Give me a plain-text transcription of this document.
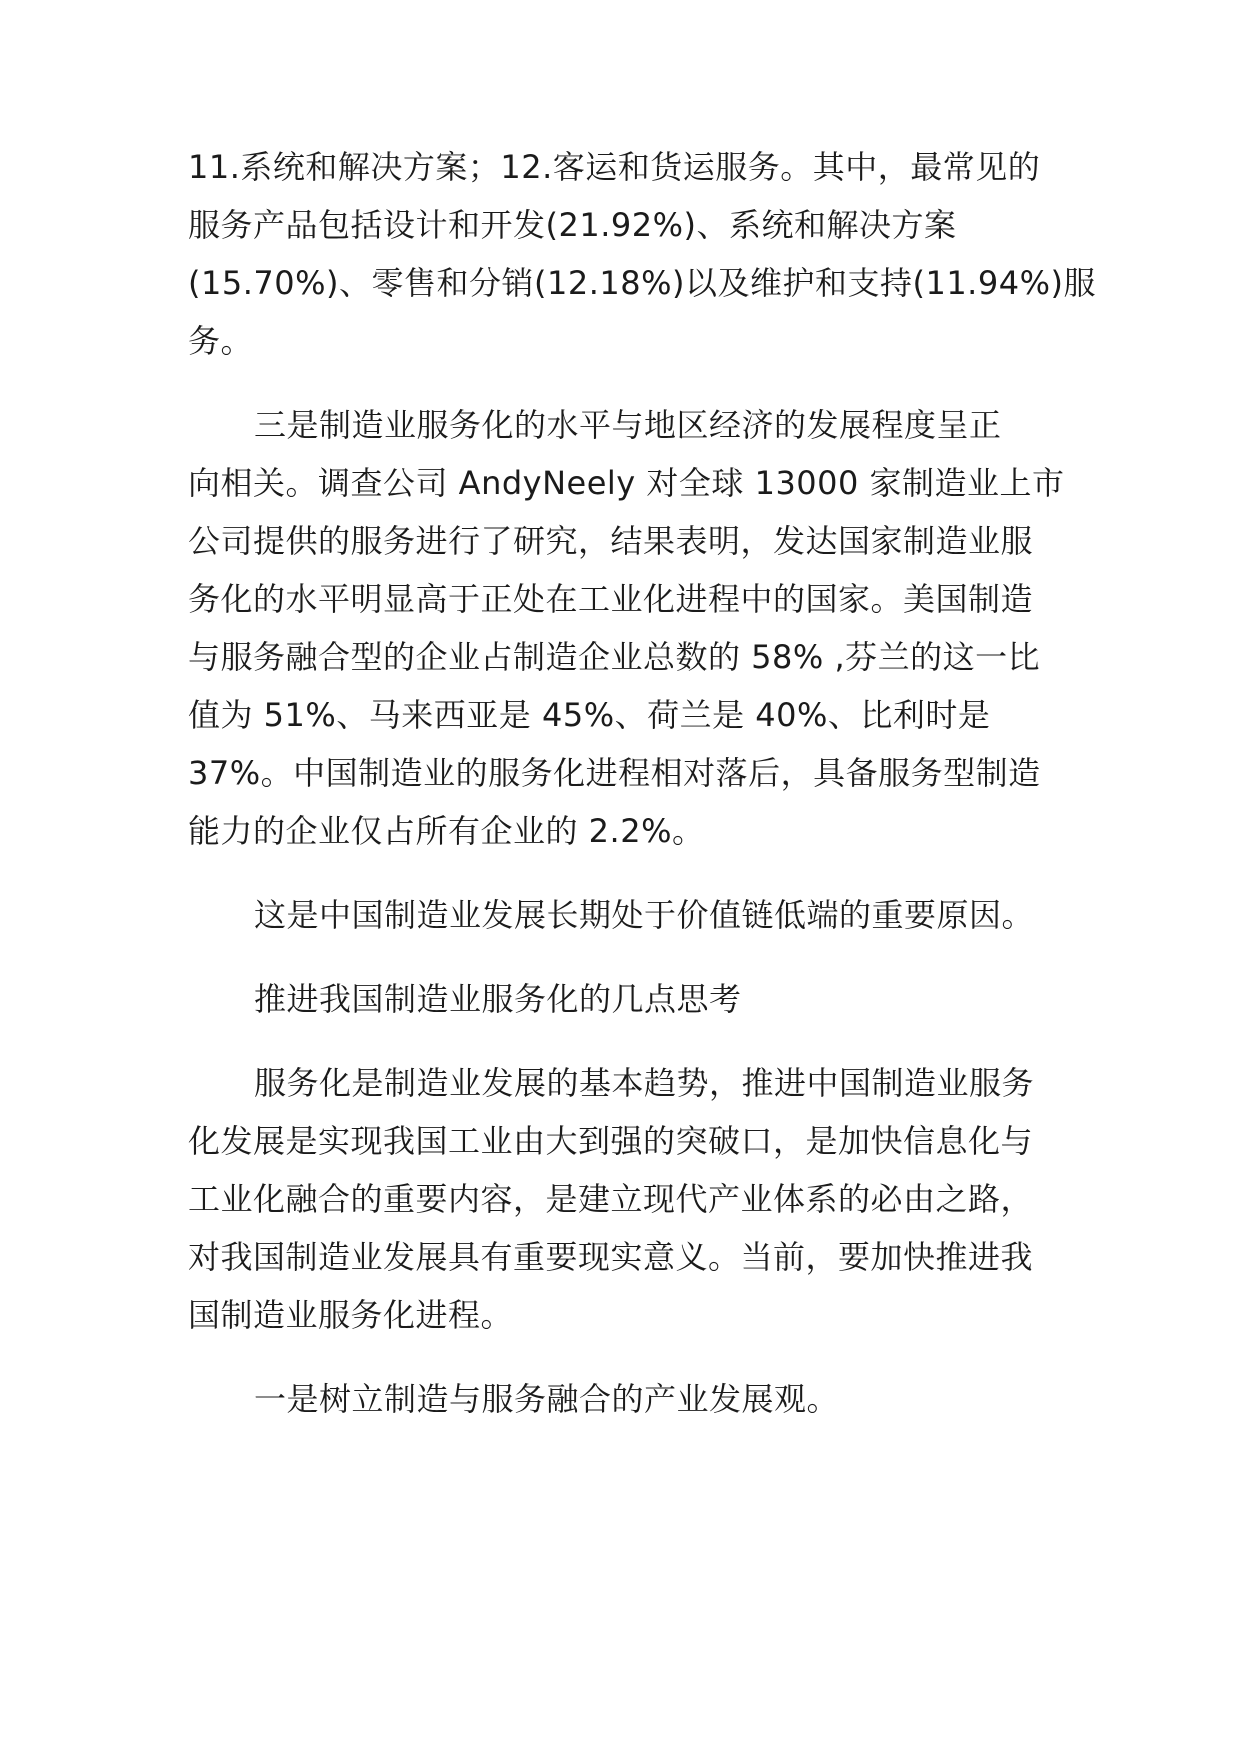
11.系统和解决方案；12.客运和货运服务。其中，最常见的
服务产品包括设计和开发(21.92%)、系统和解决方案
(15.70%)、零售和分销(12.18%)以及维护和支持(11.94%)服
务。
三是制造业服务化的水平与地区经济的发展程度呈正
向相关。调查公司 AndyNeely 对全球 13000 家制造业上市
公司提供的服务进行了研究，结果表明，发达国家制造业服
务化的水平明显高于正处在工业化进程中的国家。美国制造
与服务融合型的企业占制造企业总数的 58% ,芬兰的这一比
值为 51%、马来西亚是 45%、荷兰是 40%、比利时是
37%。中国制造业的服务化进程相对落后，具备服务型制造
能力的企业仅占所有企业的 2.2%。
这是中国制造业发展长期处于价值链低端的重要原因。
推进我国制造业服务化的几点思考
服务化是制造业发展的基本趋势，推进中国制造业服务
化发展是实现我国工业由大到强的突破口，是加快信息化与
工业化融合的重要内容，是建立现代产业体系的必由之路，
对我国制造业发展具有重要现实意义。当前，要加快推进我
国制造业服务化进程。
一是树立制造与服务融合的产业发展观。
